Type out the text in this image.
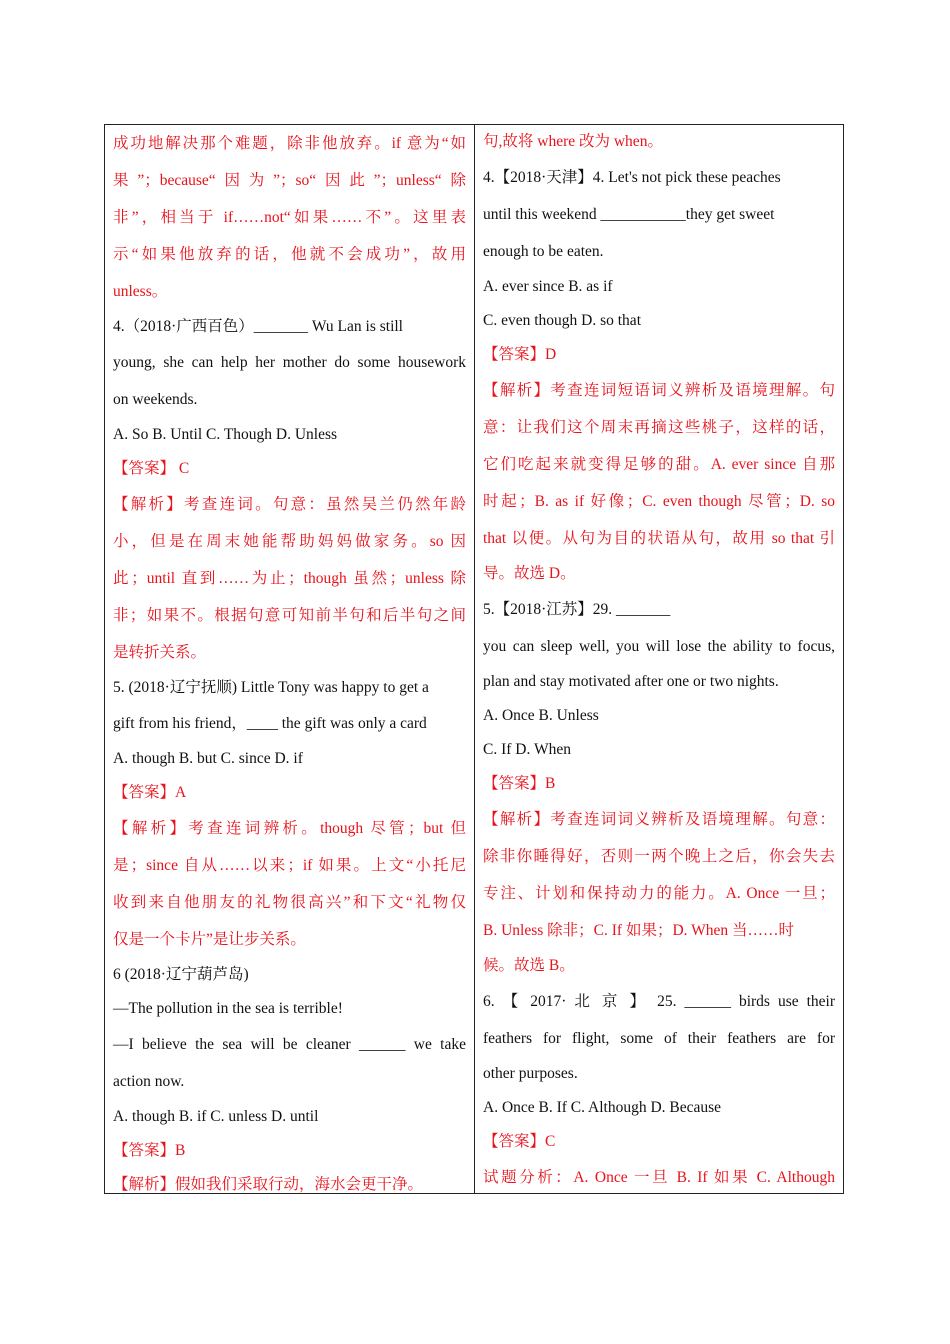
成功地解决那个难题，除非他放弃。if 意为“如
果”；because“因为”；so“因此”；unless“除
非”，相当于 if……not“如果……不”。这里表
示“如果他放弃的话，他就不会成功”，故用
unless。
4.（2018·广西百色）_______ Wu Lan is still
young, she can help her mother do some housework
on weekends.
A. So B. Until C. Though D. Unless
【答案】 C
【解析】考查连词。句意：虽然吴兰仍然年龄
小，但是在周末她能帮助妈妈做家务。so 因
此；until 直到……为止；though 虽然；unless 除
非；如果不。根据句意可知前半句和后半句之间
是转折关系。
5. (2018·辽宁抚顺) Little Tony was happy to get a
gift from his friend，____ the gift was only a card
A. though B. but C. since D. if
【答案】A
【解析】考查连词辨析。though 尽管；but 但
是；since 自从……以来；if 如果。上文“小托尼
收到来自他朋友的礼物很高兴”和下文“礼物仅
仅是一个卡片”是让步关系。
6 (2018·辽宁葫芦岛)
—The pollution in the sea is terrible!
—I believe the sea will be cleaner ______ we take
action now.
A. though B. if C. unless D. until
【答案】B
【解析】假如我们采取行动，海水会更干净。
句,故将 where 改为 when。
4.【2018·天津】4. Let's not pick these peaches
until this weekend ___________they get sweet
enough to be eaten.
A. ever since B. as if
C. even though D. so that
【答案】D
【解析】考查连词短语词义辨析及语境理解。句
意：让我们这个周末再摘这些桃子，这样的话，
它们吃起来就变得足够的甜。A. ever since 自那
时起；B. as if 好像；C. even though 尽管；D. so
that 以便。从句为目的状语从句，故用 so that 引
导。故选 D。
5.【2018·江苏】29. _______
you can sleep well, you will lose the ability to focus,
plan and stay motivated after one or two nights.
A. Once B. Unless
C. If D. When
【答案】B
【解析】考查连词词义辨析及语境理解。句意：
除非你睡得好，否则一两个晚上之后，你会失去
专注、计划和保持动力的能力。A. Once 一旦；
B. Unless 除非；C. If 如果；D. When 当……时
候。故选 B。
6. 【 2017· 北 京 】 25. ______ birds use their
feathers for flight, some of their feathers are for
other purposes.
A. Once B. If C. Although D. Because
【答案】C
试题分析：A. Once 一旦 B. If 如果 C. Although
